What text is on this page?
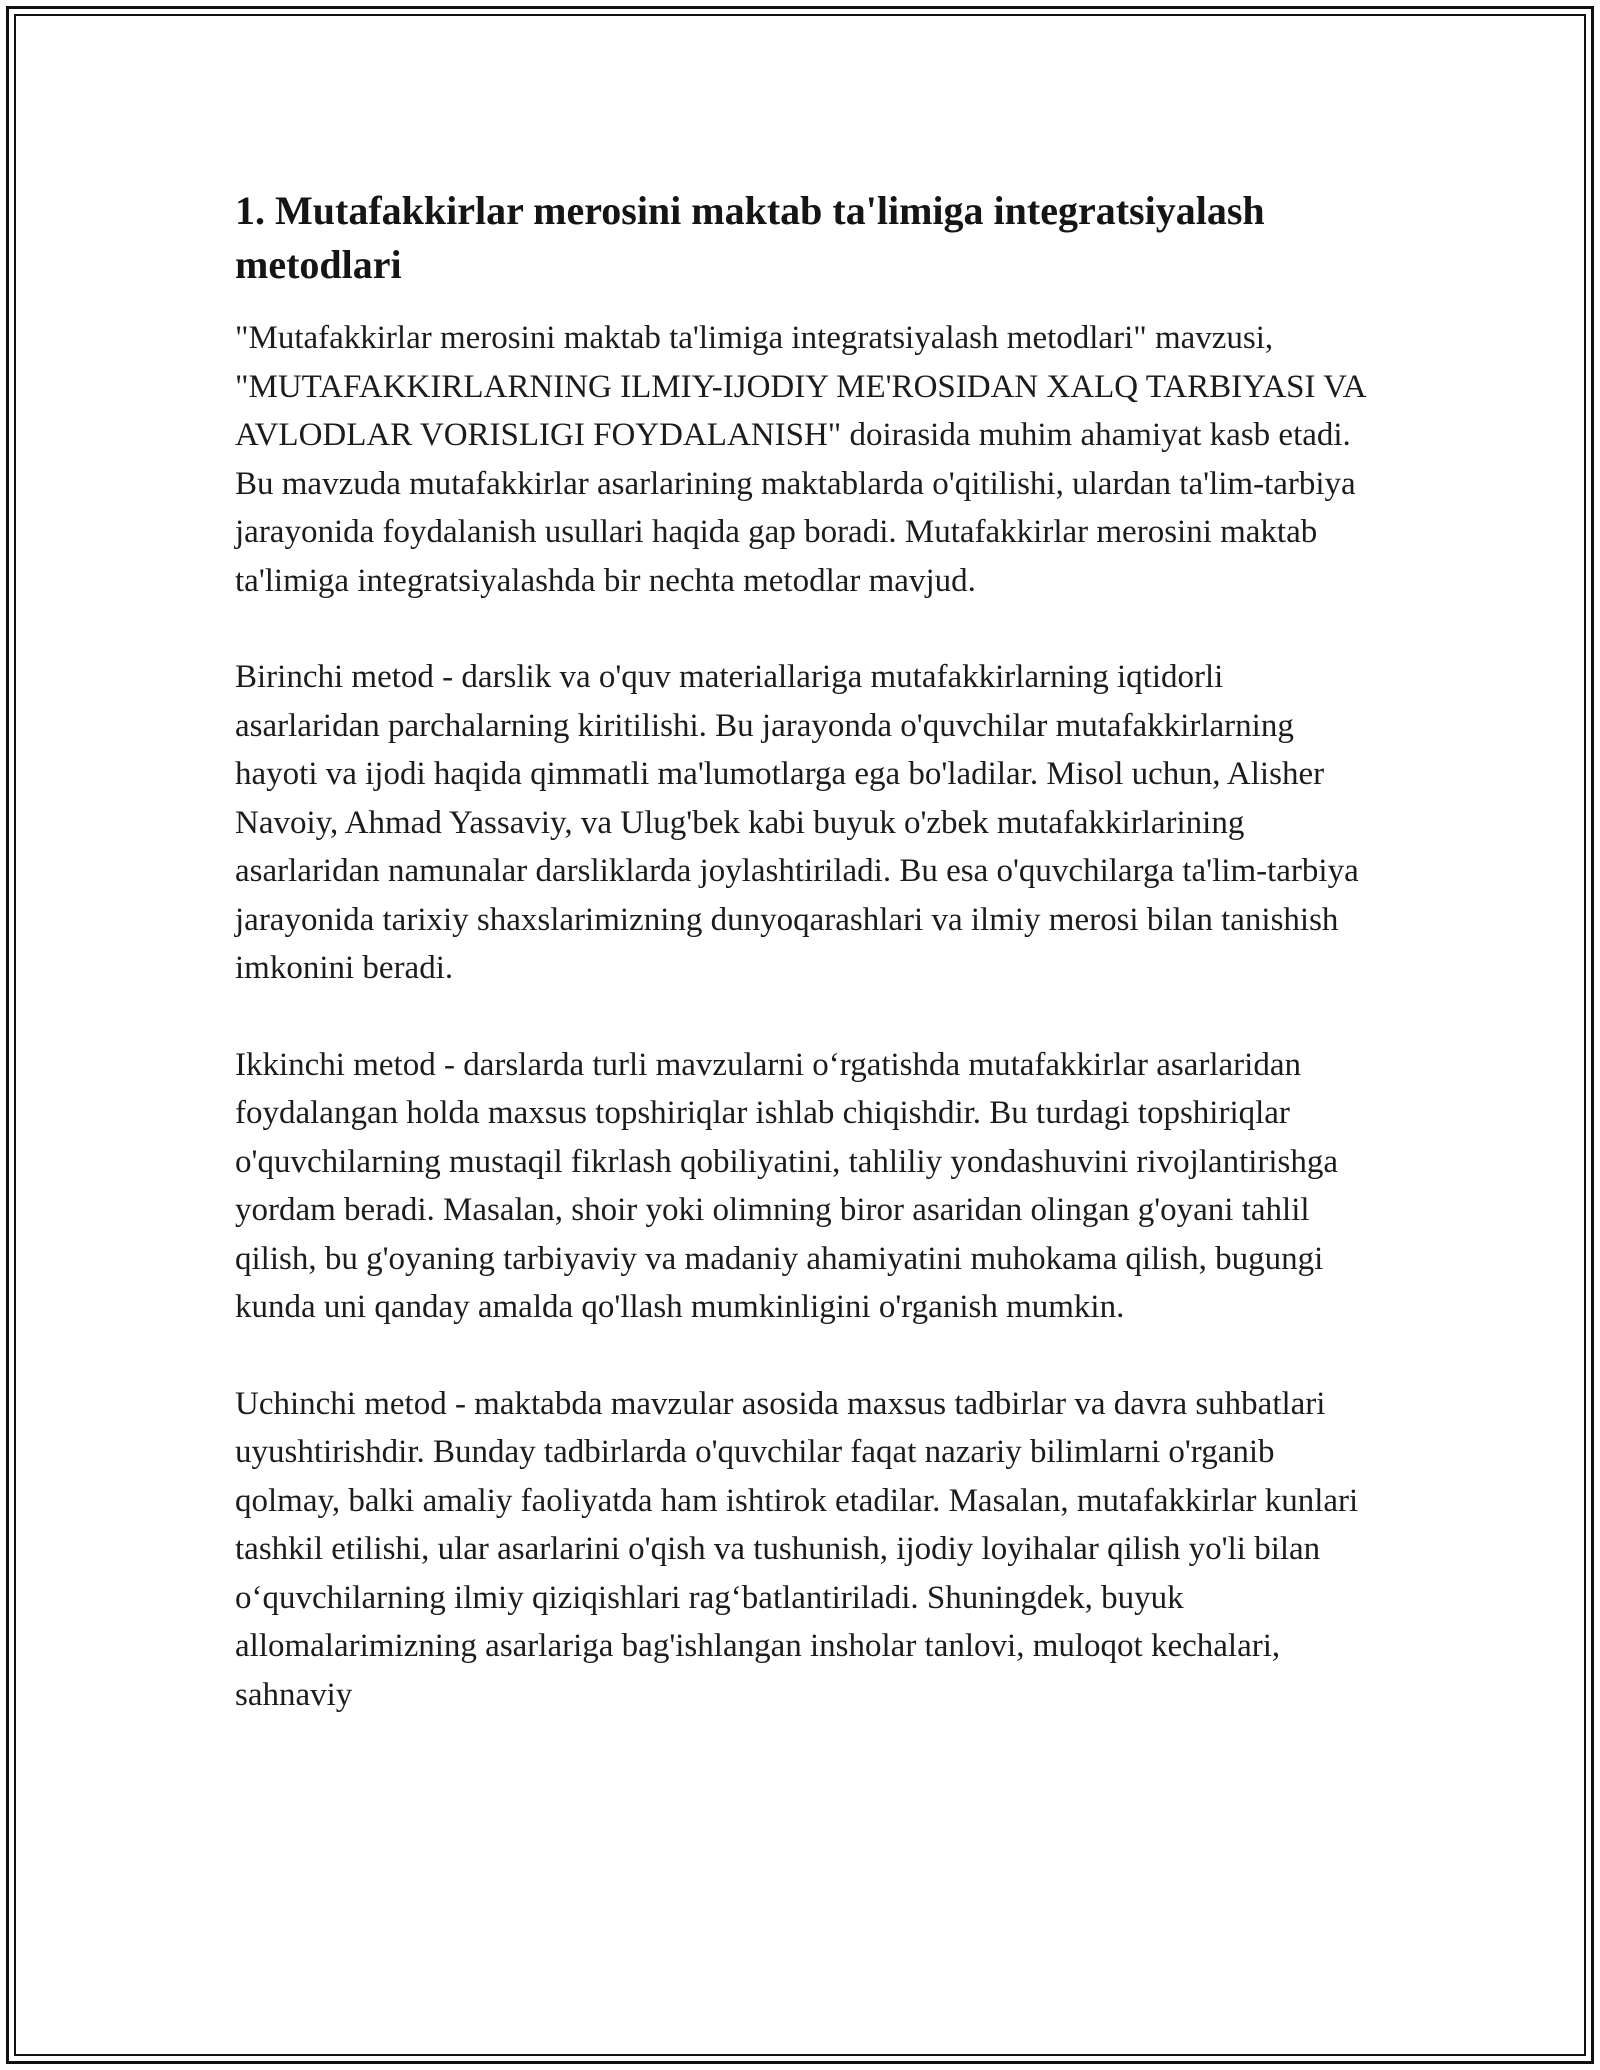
1. Mutafakkirlar merosini maktab ta'limiga integratsiyalash metodlari

"Mutafakkirlar merosini maktab ta'limiga integratsiyalash metodlari" mavzusi, "MUTAFAKKIRLARNING ILMIY-IJODIY ME'ROSIDAN XALQ TARBIYASI VA AVLODLAR VORISLIGI FOYDALANISH" doirasida muhim ahamiyat kasb etadi. Bu mavzuda mutafakkirlar asarlarining maktablarda o'qitilishi, ulardan ta'lim-tarbiya jarayonida foydalanish usullari haqida gap boradi. Mutafakkirlar merosini maktab ta'limiga integratsiyalashda bir nechta metodlar mavjud.

Birinchi metod - darslik va o'quv materiallariga mutafakkirlarning iqtidorli asarlaridan parchalarning kiritilishi. Bu jarayonda o'quvchilar mutafakkirlarning hayoti va ijodi haqida qimmatli ma'lumotlarga ega bo'ladilar. Misol uchun, Alisher Navoiy, Ahmad Yassaviy, va Ulug'bek kabi buyuk o'zbek mutafakkirlarining asarlaridan namunalar darsliklarda joylashtiriladi. Bu esa o'quvchilarga ta'lim-tarbiya jarayonida tarixiy shaxslarimizning dunyoqarashlari va ilmiy merosi bilan tanishish imkonini beradi.

Ikkinchi metod - darslarda turli mavzularni o‘rgatishda mutafakkirlar asarlaridan foydalangan holda maxsus topshiriqlar ishlab chiqishdir. Bu turdagi topshiriqlar o'quvchilarning mustaqil fikrlash qobiliyatini, tahliliy yondashuvini rivojlantirishga yordam beradi. Masalan, shoir yoki olimning biror asaridan olingan g'oyani tahlil qilish, bu g'oyaning tarbiyaviy va madaniy ahamiyatini muhokama qilish, bugungi kunda uni qanday amalda qo'llash mumkinligini o'rganish mumkin.

Uchinchi metod - maktabda mavzular asosida maxsus tadbirlar va davra suhbatlari uyushtirishdir. Bunday tadbirlarda o'quvchilar faqat nazariy bilimlarni o'rganib qolmay, balki amaliy faoliyatda ham ishtirok etadilar. Masalan, mutafakkirlar kunlari tashkil etilishi, ular asarlarini o'qish va tushunish, ijodiy loyihalar qilish yo'li bilan o‘quvchilarning ilmiy qiziqishlari rag‘batlantiriladi. Shuningdek, buyuk allomalarimizning asarlariga bag'ishlangan insholar tanlovi, muloqot kechalari, sahnaviy
